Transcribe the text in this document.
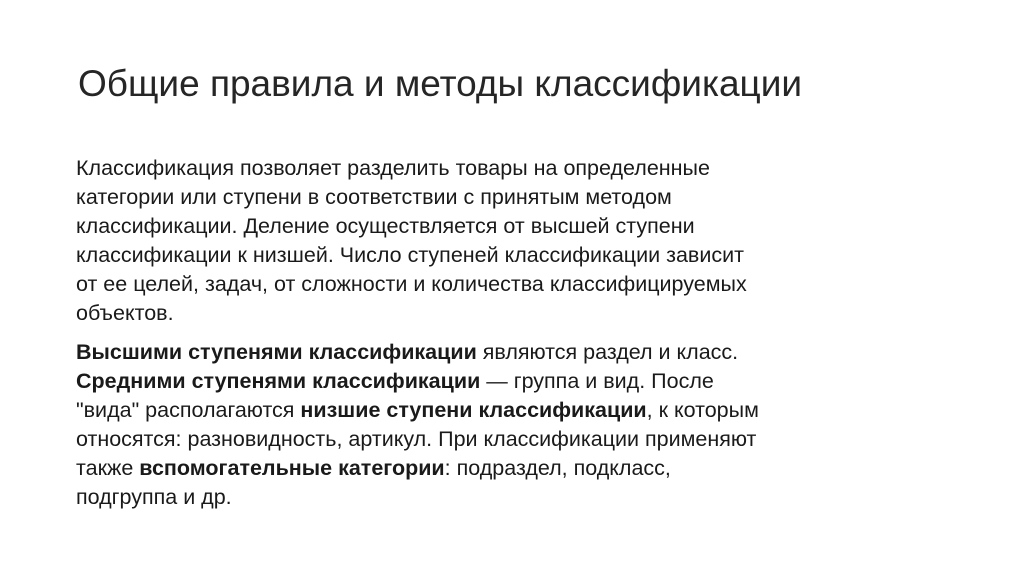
Общие правила и методы классификации

Классификация позволяет разделить товары на определенные
категории или ступени в соответствии с принятым методом
классификации. Деление осуществляется от высшей ступени
классификации к низшей. Число ступеней классификации зависит
от ее целей, задач, от сложности и количества классифицируемых
объектов.

Высшими ступенями классификации являются раздел и класс.
Средними ступенями классификации — группа и вид. После
"вида" располагаются низшие ступени классификации, к которым
относятся: разновидность, артикул. При классификации применяют
также вспомогательные категории: подраздел, подкласс,
подгруппа и др.
